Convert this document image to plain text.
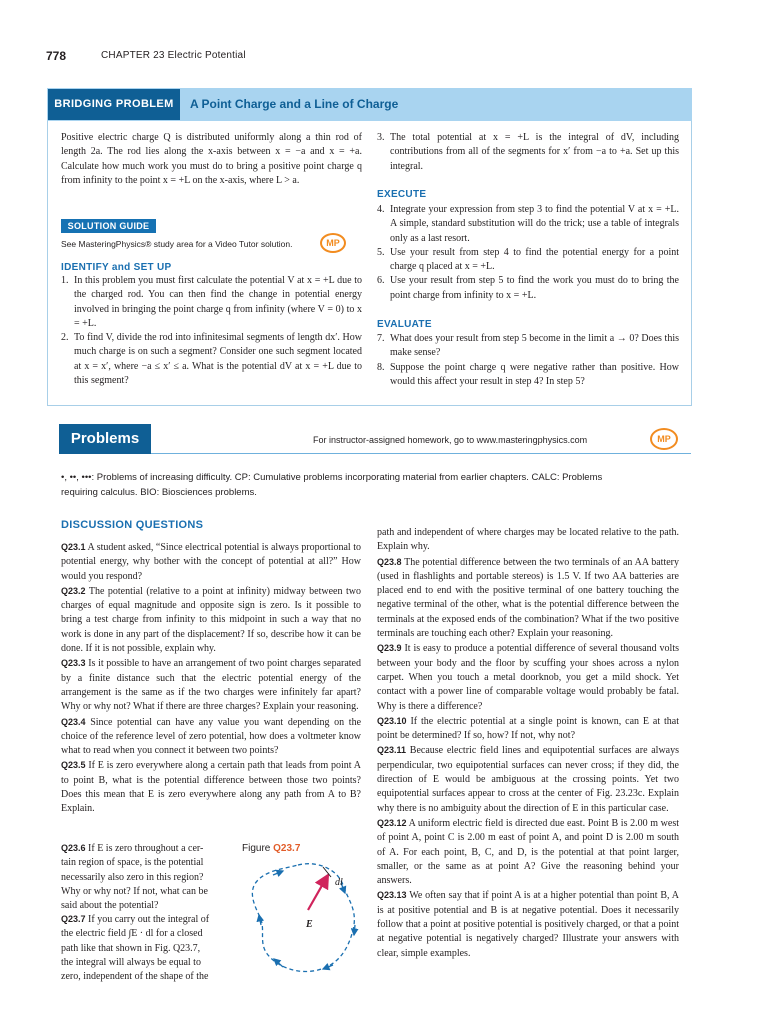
778	CHAPTER 23 Electric Potential
BRIDGING PROBLEM	A Point Charge and a Line of Charge
Positive electric charge Q is distributed uniformly along a thin rod of length 2a. The rod lies along the x-axis between x = −a and x = +a. Calculate how much work you must do to bring a positive point charge q from infinity to the point x = +L on the x-axis, where L > a.
SOLUTION GUIDE
See MasteringPhysics® study area for a Video Tutor solution.	MP
IDENTIFY and SET UP
1. In this problem you must first calculate the potential V at x = +L due to the charged rod. You can then find the change in potential energy involved in bringing the point charge q from infinity (where V = 0) to x = +L.
2. To find V, divide the rod into infinitesimal segments of length dx′. How much charge is on such a segment? Consider one such segment located at x = x′, where −a ≤ x′ ≤ a. What is the potential dV at x = +L due to this segment?
3. The total potential at x = +L is the integral of dV, including contributions from all of the segments for x′ from −a to +a. Set up this integral.
EXECUTE
4. Integrate your expression from step 3 to find the potential V at x = +L. A simple, standard substitution will do the trick; use a table of integrals only as a last resort.
5. Use your result from step 4 to find the potential energy for a point charge q placed at x = +L.
6. Use your result from step 5 to find the work you must do to bring the point charge from infinity to x = +L.
EVALUATE
7. What does your result from step 5 become in the limit a → 0? Does this make sense?
8. Suppose the point charge q were negative rather than positive. How would this affect your result in step 4? In step 5?
Problems	For instructor-assigned homework, go to www.masteringphysics.com	MP
•, ••, •••: Problems of increasing difficulty. CP: Cumulative problems incorporating material from earlier chapters. CALC: Problems
requiring calculus. BIO: Biosciences problems.
DISCUSSION QUESTIONS
Q23.1 A student asked, “Since electrical potential is always proportional to potential energy, why bother with the concept of potential at all?” How would you respond?
Q23.2 The potential (relative to a point at infinity) midway between two charges of equal magnitude and opposite sign is zero. Is it possible to bring a test charge from infinity to this midpoint in such a way that no work is done in any part of the displacement? If so, describe how it can be done. If it is not possible, explain why.
Q23.3 Is it possible to have an arrangement of two point charges separated by a finite distance such that the electric potential energy of the arrangement is the same as if the two charges were infinitely far apart? Why or why not? What if there are three charges? Explain your reasoning.
Q23.4 Since potential can have any value you want depending on the choice of the reference level of zero potential, how does a voltmeter know what to read when you connect it between two points?
Q23.5 If E is zero everywhere along a certain path that leads from point A to point B, what is the potential difference between those two points? Does this mean that E is zero everywhere along any path from A to B? Explain.
Q23.6 If E is zero throughout a cer-
tain region of space, is the potential
necessarily also zero in this region?
Why or why not? If not, what can be
said about the potential?
Q23.7 If you carry out the integral of
the electric field ∫E · dl for a closed
path like that shown in Fig. Q23.7,
the integral will always be equal to
zero, independent of the shape of the
Figure Q23.7
dl
E
path and independent of where charges may be located relative to the path. Explain why.
Q23.8 The potential difference between the two terminals of an AA battery (used in flashlights and portable stereos) is 1.5 V. If two AA batteries are placed end to end with the positive terminal of one battery touching the negative terminal of the other, what is the potential difference between the terminals at the exposed ends of the combination? What if the two positive terminals are touching each other? Explain your reasoning.
Q23.9 It is easy to produce a potential difference of several thousand volts between your body and the floor by scuffing your shoes across a nylon carpet. When you touch a metal doorknob, you get a mild shock. Yet contact with a power line of comparable voltage would probably be fatal. Why is there a difference?
Q23.10 If the electric potential at a single point is known, can E at that point be determined? If so, how? If not, why not?
Q23.11 Because electric field lines and equipotential surfaces are always perpendicular, two equipotential surfaces can never cross; if they did, the direction of E would be ambiguous at the crossing points. Yet two equipotential surfaces appear to cross at the center of Fig. 23.23c. Explain why there is no ambiguity about the direction of E in this particular case.
Q23.12 A uniform electric field is directed due east. Point B is 2.00 m west of point A, point C is 2.00 m east of point A, and point D is 2.00 m south of A. For each point, B, C, and D, is the potential at that point larger, smaller, or the same as at point A? Give the reasoning behind your answers.
Q23.13 We often say that if point A is at a higher potential than point B, A is at positive potential and B is at negative potential. Does it necessarily follow that a point at positive potential is positively charged, or that a point at negative potential is negatively charged? Illustrate your answers with clear, simple examples.
